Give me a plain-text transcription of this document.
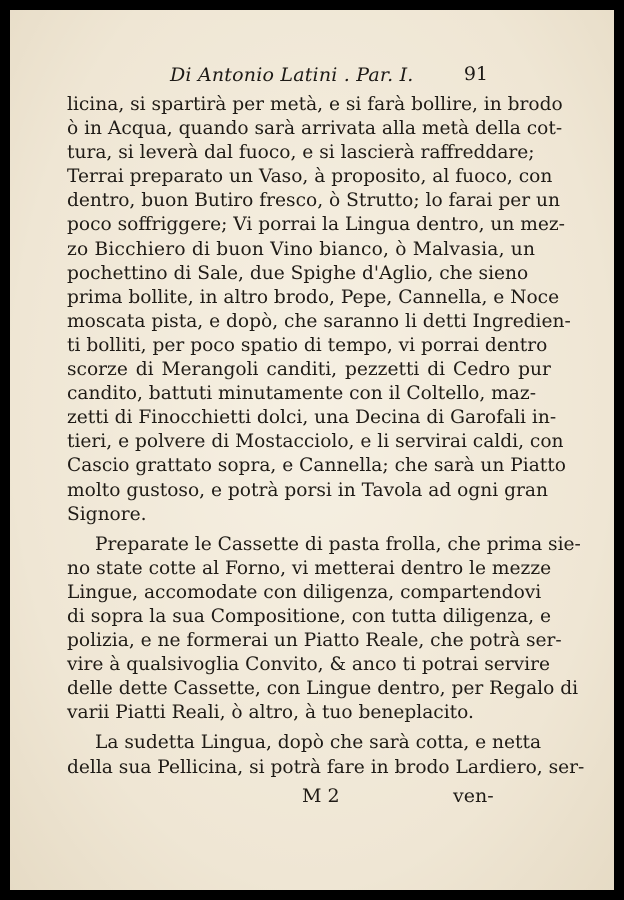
Di Antonio Latini . Par. I.	91
licina, si spartirà per metà, e si farà bollire, in brodo
ò in Acqua, quando sarà arrivata alla metà della cot-
tura, si leverà dal fuoco, e si lascierà raffreddare;
Terrai preparato un Vaso, à proposito, al fuoco, con
dentro, buon Butiro fresco, ò Strutto; lo farai per un
poco soffriggere; Vi porrai la Lingua dentro, un mez-
zo Bicchiero di buon Vino bianco, ò Malvasia, un
pochettino di Sale, due Spighe d'Aglio, che sieno
prima bollite, in altro brodo, Pepe, Cannella, e Noce
moscata pista, e dopò, che saranno li detti Ingredien-
ti bolliti, per poco spatio di tempo, vi porrai dentro
scorze di Merangoli canditi, pezzetti di Cedro pur
candito, battuti minutamente con il Coltello, maz-
zetti di Finocchietti dolci, una Decina di Garofali in-
tieri, e polvere di Mostacciolo, e li servirai caldi, con
Cascio grattato sopra, e Cannella; che sarà un Piatto
molto gustoso, e potrà porsi in Tavola ad ogni gran
Signore.
Preparate le Cassette di pasta frolla, che prima sie-
no state cotte al Forno, vi metterai dentro le mezze
Lingue, accomodate con diligenza, compartendovi
di sopra la sua Compositione, con tutta diligenza, e
polizia, e ne formerai un Piatto Reale, che potrà ser-
vire à qualsivoglia Convito, & anco ti potrai servire
delle dette Cassette, con Lingue dentro, per Regalo di
varii Piatti Reali, ò altro, à tuo beneplacito.
La sudetta Lingua, dopò che sarà cotta, e netta
della sua Pellicina, si potrà fare in brodo Lardiero, ser-
M 2	ven-
